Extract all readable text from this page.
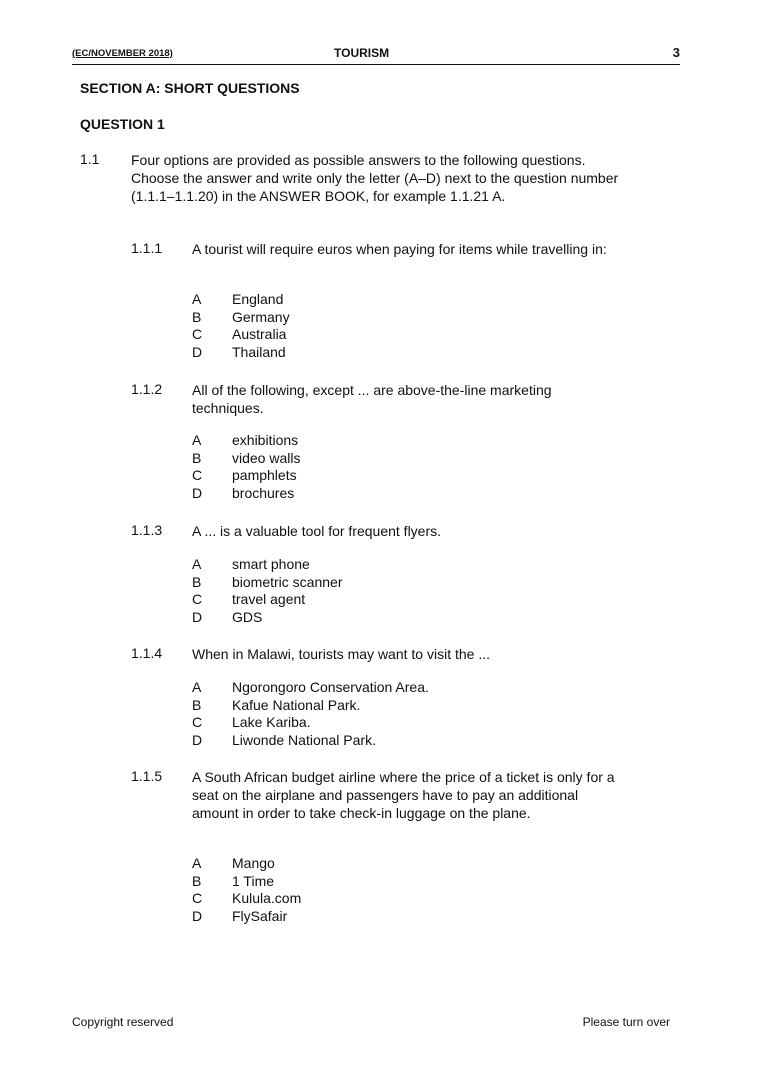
(EC/NOVEMBER 2018)	TOURISM	3
SECTION A: SHORT QUESTIONS
QUESTION 1
1.1 Four options are provided as possible answers to the following questions. Choose the answer and write only the letter (A–D) next to the question number (1.1.1–1.1.20) in the ANSWER BOOK, for example 1.1.21 A.
1.1.1 A tourist will require euros when paying for items while travelling in:
A England
B Germany
C Australia
D Thailand
1.1.2 All of the following, except ... are above-the-line marketing techniques.
A exhibitions
B video walls
C pamphlets
D brochures
1.1.3 A ... is a valuable tool for frequent flyers.
A smart phone
B biometric scanner
C travel agent
D GDS
1.1.4 When in Malawi, tourists may want to visit the ...
A Ngorongoro Conservation Area.
B Kafue National Park.
C Lake Kariba.
D Liwonde National Park.
1.1.5 A South African budget airline where the price of a ticket is only for a seat on the airplane and passengers have to pay an additional amount in order to take check-in luggage on the plane.
A Mango
B 1 Time
C Kulula.com
D FlySafair
Copyright reserved	Please turn over
